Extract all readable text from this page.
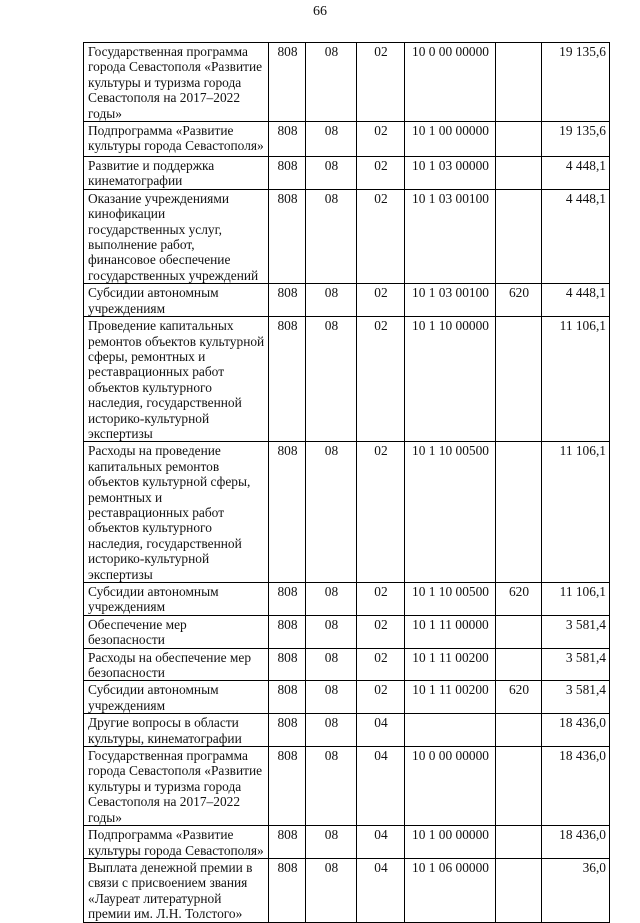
66
Государственная программа города Севастополя «Развитие культуры и туризма города Севастополя на 2017–2022 годы»	808	08	02	10 0 00 00000		19 135,6
Подпрограмма «Развитие культуры города Севастополя»	808	08	02	10 1 00 00000		19 135,6
Развитие и поддержка кинематографии	808	08	02	10 1 03 00000		4 448,1
Оказание учреждениями кинофикации государственных услуг, выполнение работ, финансовое обеспечение государственных учреждений	808	08	02	10 1 03 00100		4 448,1
Субсидии автономным учреждениям	808	08	02	10 1 03 00100	620	4 448,1
Проведение капитальных ремонтов объектов культурной сферы, ремонтных и реставрационных работ объектов культурного наследия, государственной историко-культурной экспертизы	808	08	02	10 1 10 00000		11 106,1
Расходы на проведение капитальных ремонтов объектов культурной сферы, ремонтных и реставрационных работ объектов культурного наследия, государственной историко-культурной экспертизы	808	08	02	10 1 10 00500		11 106,1
Субсидии автономным учреждениям	808	08	02	10 1 10 00500	620	11 106,1
Обеспечение мер безопасности	808	08	02	10 1 11 00000		3 581,4
Расходы на обеспечение мер безопасности	808	08	02	10 1 11 00200		3 581,4
Субсидии автономным учреждениям	808	08	02	10 1 11 00200	620	3 581,4
Другие вопросы в области культуры, кинематографии	808	08	04			18 436,0
Государственная программа города Севастополя «Развитие культуры и туризма города Севастополя на 2017–2022 годы»	808	08	04	10 0 00 00000		18 436,0
Подпрограмма «Развитие культуры города Севастополя»	808	08	04	10 1 00 00000		18 436,0
Выплата денежной премии в связи с присвоением звания «Лауреат литературной премии им. Л.Н. Толстого»	808	08	04	10 1 06 00000		36,0
